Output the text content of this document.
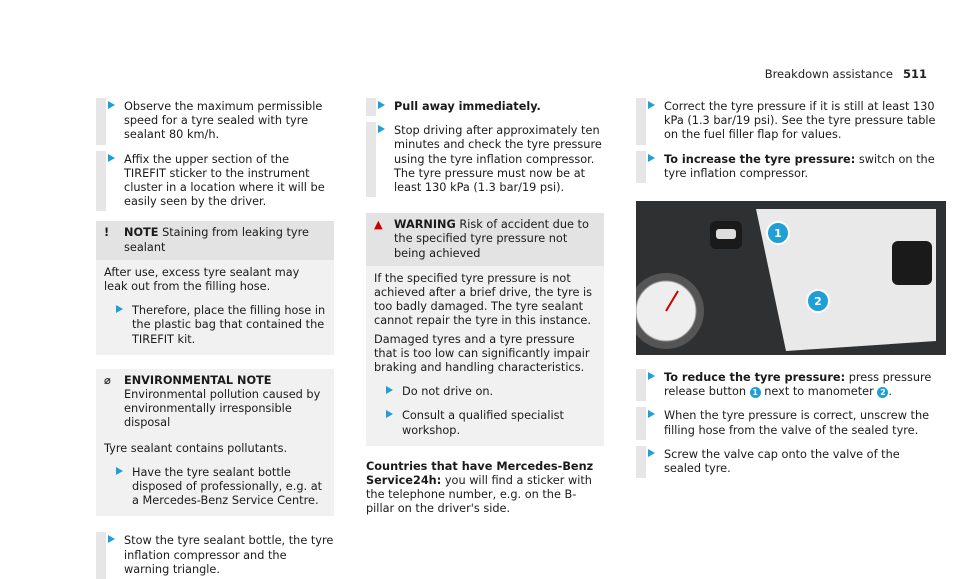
Breakdown assistance 511
Observe the maximum permissible speed for a tyre sealed with tyre sealant 80 km/h.
Affix the upper section of the TIREFIT sticker to the instrument cluster in a location where it will be easily seen by the driver.
! NOTE Staining from leaking tyre sealant
After use, excess tyre sealant may leak out from the filling hose.
Therefore, place the filling hose in the plastic bag that contained the TIREFIT kit.
⌀ ENVIRONMENTAL NOTE Environmental pollution caused by environmentally irresponsible disposal
Tyre sealant contains pollutants.
Have the tyre sealant bottle disposed of professionally, e.g. at a Mercedes-Benz Service Centre.
Stow the tyre sealant bottle, the tyre inflation compressor and the warning triangle.
Pull away immediately.
Stop driving after approximately ten minutes and check the tyre pressure using the tyre inflation compressor.
The tyre pressure must now be at least 130 kPa (1.3 bar/19 psi).
▲ WARNING Risk of accident due to the specified tyre pressure not being achieved
If the specified tyre pressure is not achieved after a brief drive, the tyre is too badly damaged. The tyre sealant cannot repair the tyre in this instance.
Damaged tyres and a tyre pressure that is too low can significantly impair braking and handling characteristics.
Do not drive on.
Consult a qualified specialist workshop.
Countries that have Mercedes-Benz Service24h: you will find a sticker with the telephone number, e.g. on the B-pillar on the driver's side.
Correct the tyre pressure if it is still at least 130 kPa (1.3 bar/19 psi). See the tyre pressure table on the fuel filler flap for values.
To increase the tyre pressure: switch on the tyre inflation compressor.
1
2
To reduce the tyre pressure: press pressure release button 1 next to manometer 2 .
When the tyre pressure is correct, unscrew the filling hose from the valve of the sealed tyre.
Screw the valve cap onto the valve of the sealed tyre.
